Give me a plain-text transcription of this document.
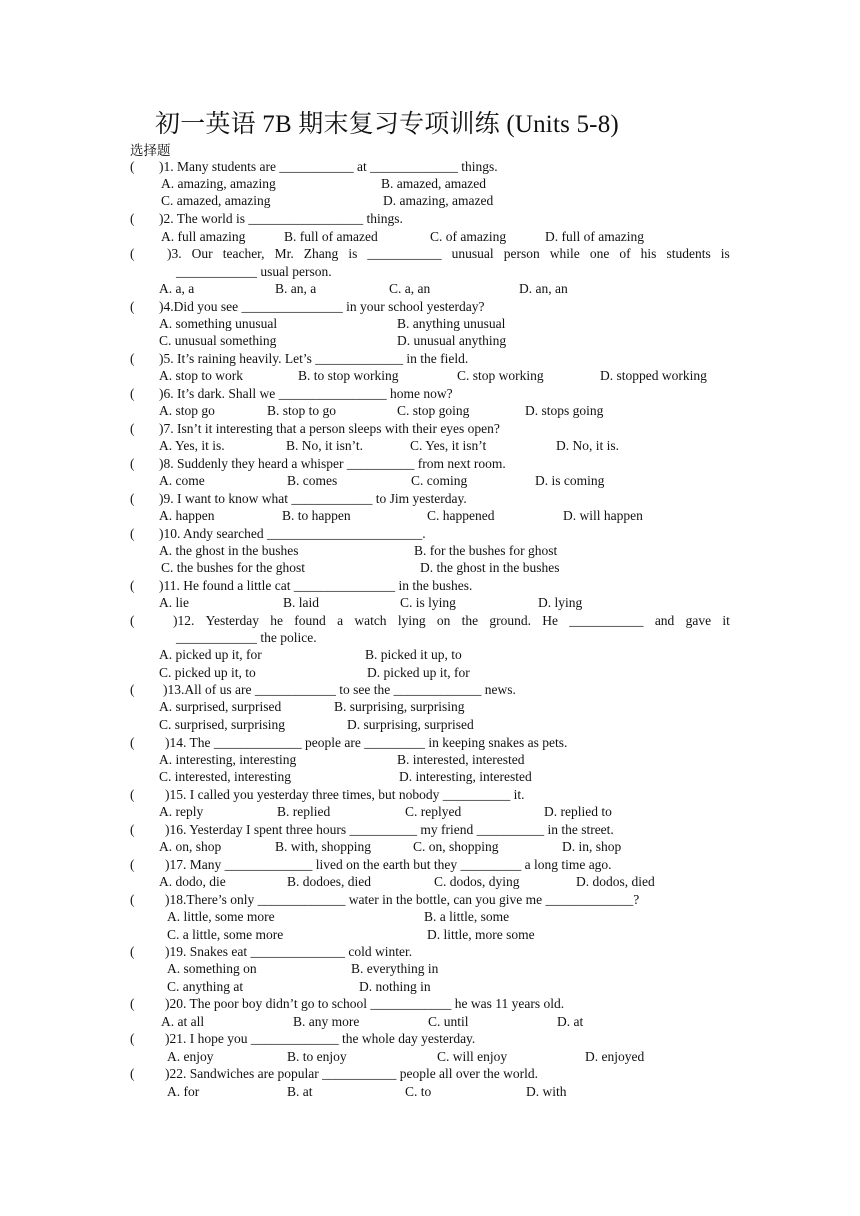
初一英语 7B 期末复习专项训练 (Units 5-8)
选择题
( )1. Many students are ___________ at _____________ things.
A. amazing, amazing	B. amazed, amazed
C. amazed, amazing	D. amazing, amazed
( )2. The world is _________________ things.
A. full amazing	B. full of amazed	C. of amazing	D. full of amazing
( )3. Our teacher, Mr. Zhang is ___________ unusual person while one of his students is
____________ usual person.
A. a, a	B. an, a	C. a, an	D. an, an
( )4.Did you see _______________ in your school yesterday?
A. something unusual	B. anything unusual
C. unusual something	D. unusual anything
( )5. It’s raining heavily. Let’s _____________ in the field.
A. stop to work	B. to stop working	C. stop working	D. stopped working
( )6. It’s dark. Shall we ________________ home now?
A. stop go	B. stop to go	C. stop going	D. stops going
( )7. Isn’t it interesting that a person sleeps with their eyes open?
A. Yes, it is.	B. No, it isn’t.	C. Yes, it isn’t	D. No, it is.
( )8. Suddenly they heard a whisper __________ from next room.
A. come	B. comes	C. coming	D. is coming
( )9. I want to know what ____________ to Jim yesterday.
A. happen	B. to happen	C. happened	D. will happen
( )10. Andy searched _______________________.
A. the ghost in the bushes	B. for the bushes for ghost
C. the bushes for the ghost	D. the ghost in the bushes
( )11. He found a little cat _______________ in the bushes.
A. lie	B. laid	C. is lying	D. lying
(	)12. Yesterday he found a watch lying on the ground. He ___________ and gave it
____________ the police.
A. picked up it, for	B. picked it up, to
C. picked up it, to	D. picked up it, for
( )13.All of us are ____________ to see the _____________ news.
A. surprised, surprised	B. surprising, surprising
C. surprised, surprising	D. surprising, surprised
( )14. The _____________ people are _________ in keeping snakes as pets.
A. interesting, interesting	B. interested, interested
C. interested, interesting	D. interesting, interested
( )15. I called you yesterday three times, but nobody __________ it.
A. reply	B. replied	C. replyed	D. replied to
( )16. Yesterday I spent three hours __________ my friend __________ in the street.
A. on, shop	B. with, shopping	C. on, shopping	D. in, shop
( )17. Many _____________ lived on the earth but they _________ a long time ago.
A. dodo, die	B. dodoes, died	C. dodos, dying	D. dodos, died
( )18.There’s only _____________ water in the bottle, can you give me _____________?
A. little, some more	B. a little, some
C. a little, some more	D. little, more some
( )19. Snakes eat ______________ cold winter.
A. something on	B. everything in
C. anything at	D. nothing in
( )20. The poor boy didn’t go to school ____________ he was 11 years old.
A. at all	B. any more	C. until	D. at
( )21. I hope you _____________ the whole day yesterday.
A. enjoy	B. to enjoy	C. will enjoy	D. enjoyed
( )22. Sandwiches are popular ___________ people all over the world.
A. for	B. at	C. to	D. with
